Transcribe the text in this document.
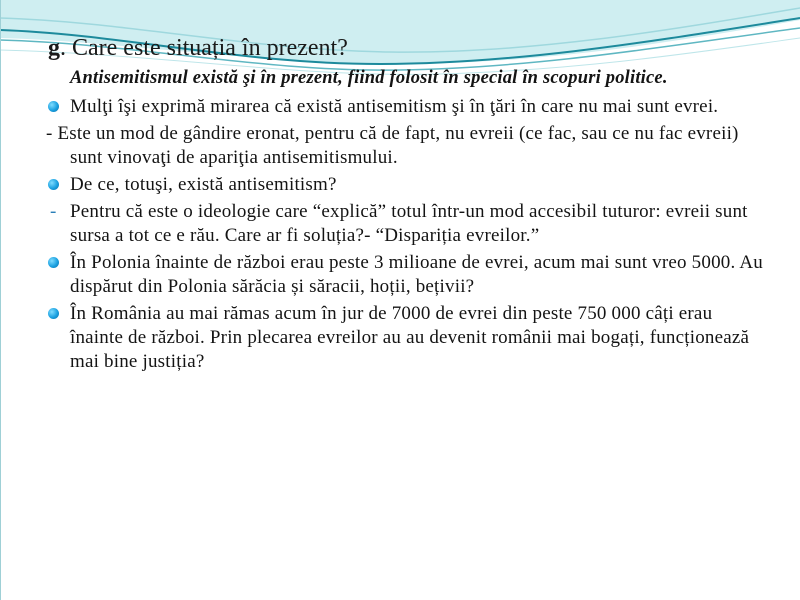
g. Care este situația în prezent?
Antisemitismul există şi în prezent, fiind folosit în special în scopuri politice.
Mulţi îşi exprimă mirarea că există antisemitism şi în ţări în care nu mai sunt evrei.
- Este un mod de gândire eronat, pentru că de fapt, nu evreii (ce fac, sau ce nu fac evreii) sunt vinovaţi de apariţia antisemitismului.
De ce, totuşi, există antisemitism?
- Pentru că este o ideologie care “explică” totul într-un mod accesibil tuturor: evreii sunt sursa a tot ce e rău. Care ar fi soluția?- “Dispariția evreilor.”
În Polonia înainte de război erau peste 3 milioane de evrei, acum mai sunt vreo 5000. Au dispărut din Polonia sărăcia și săracii, hoții, bețivii?
În România au mai rămas acum în jur de 7000 de evrei din peste 750 000 câți erau înainte de război. Prin plecarea evreilor au au devenit românii mai bogați, funcționează mai bine justiția?
